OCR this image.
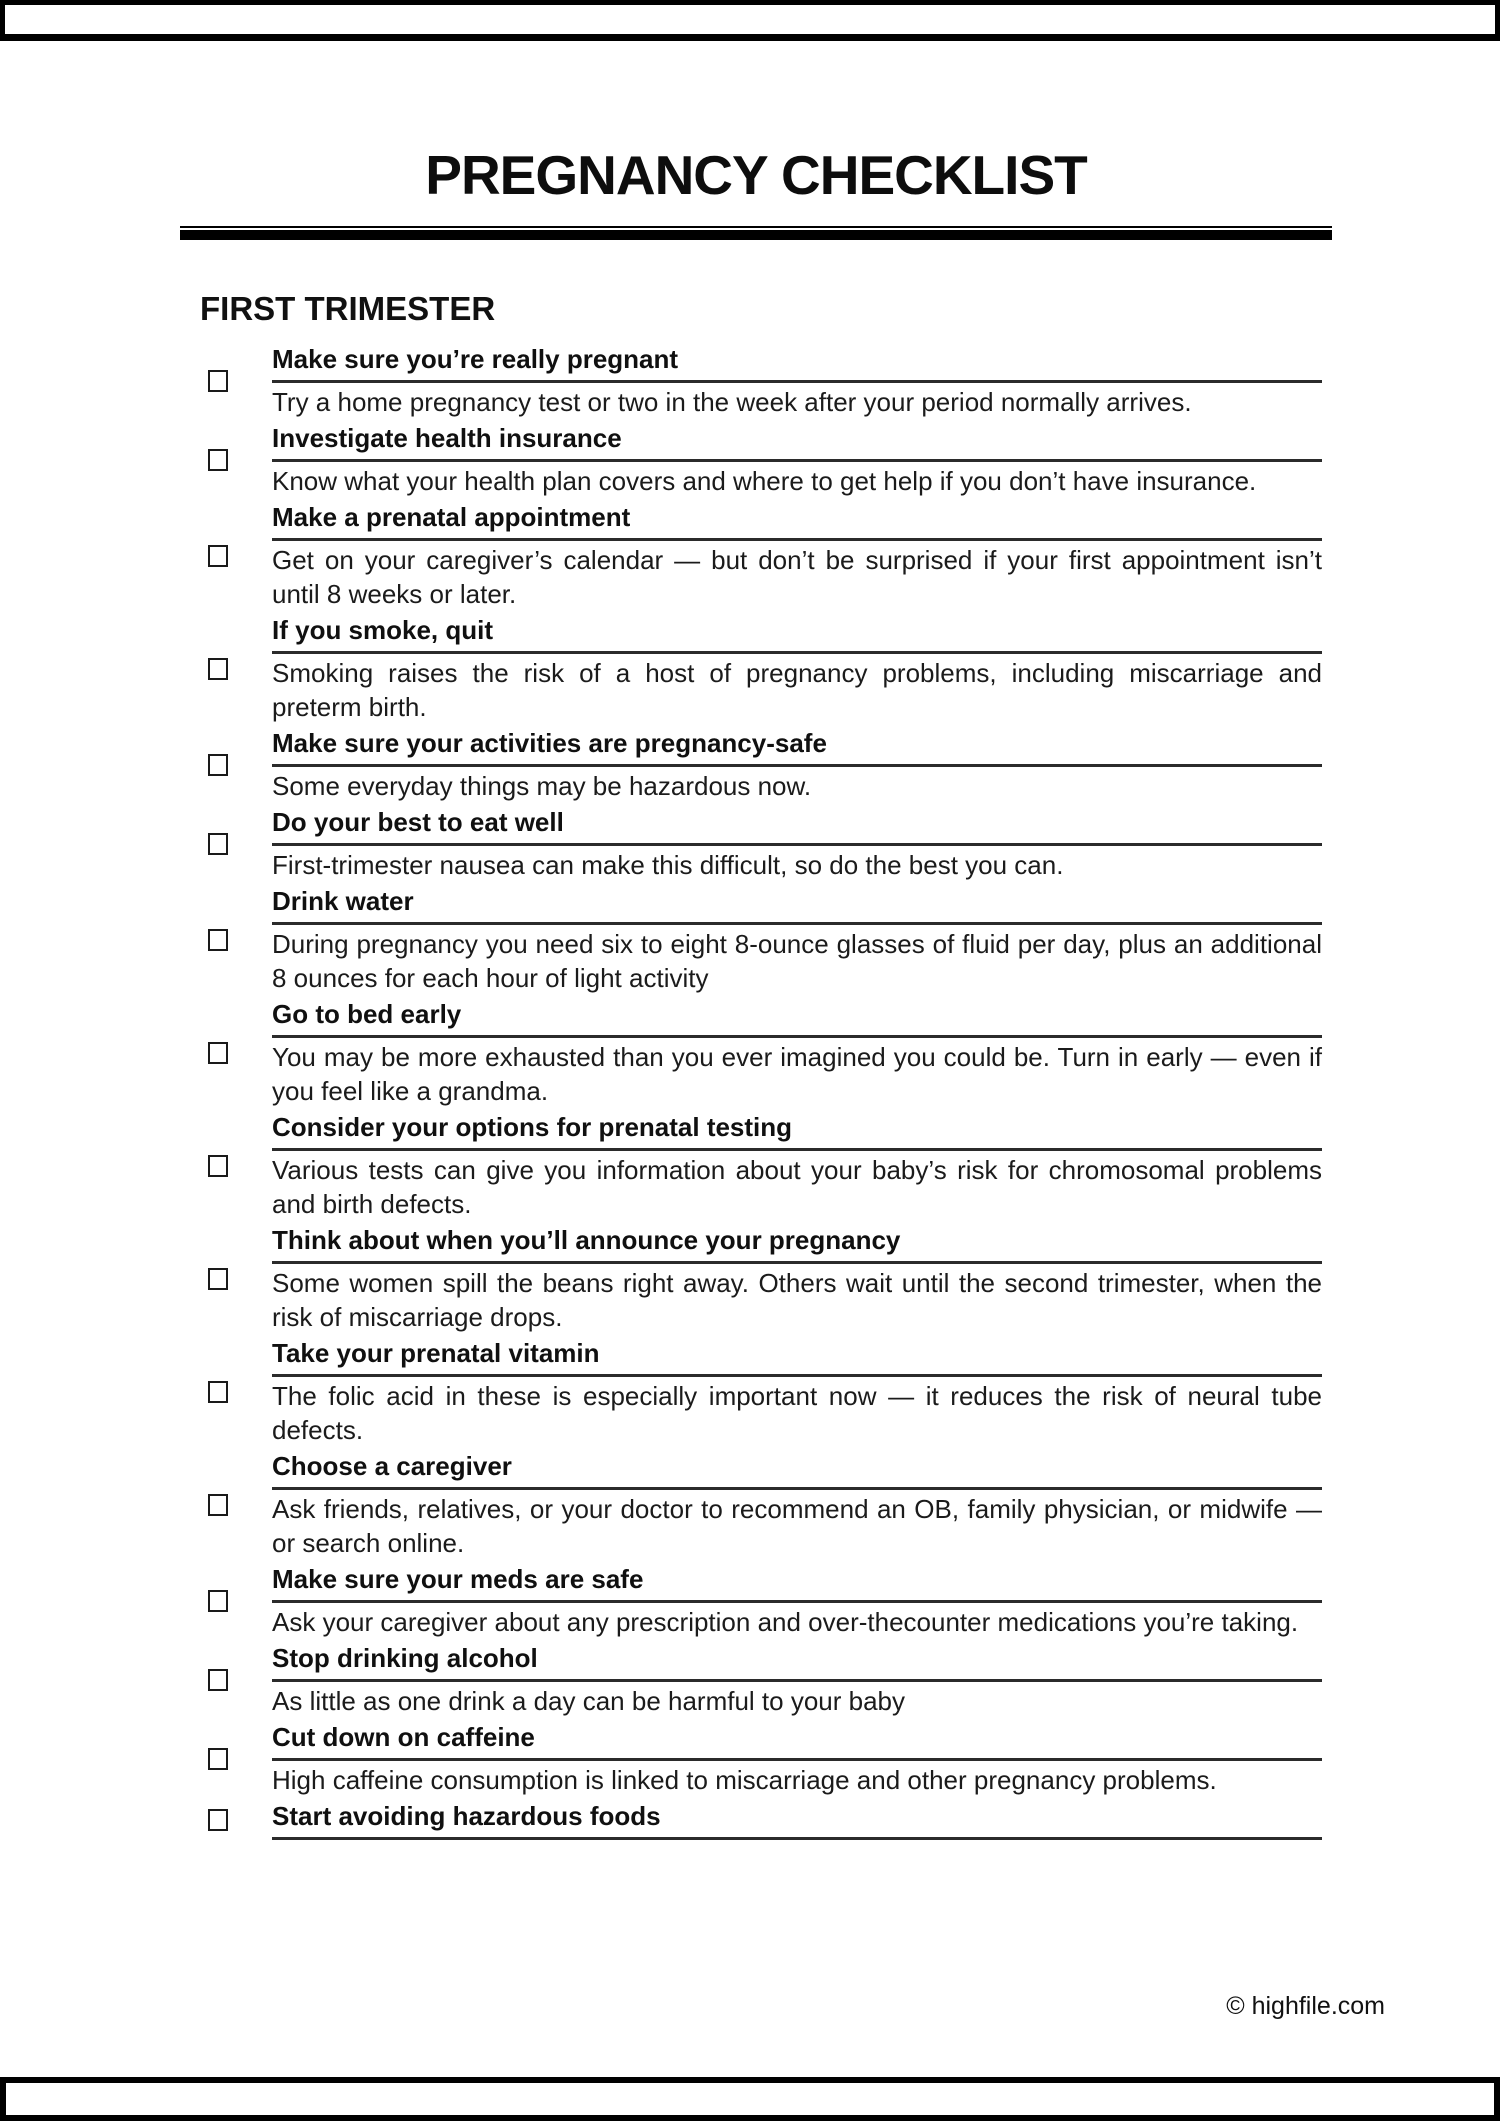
PREGNANCY CHECKLIST
FIRST TRIMESTER
Make sure you’re really pregnant
Try a home pregnancy test or two in the week after your period normally arrives.
Investigate health insurance
Know what your health plan covers and where to get help if you don’t have insurance.
Make a prenatal appointment
Get on your caregiver’s calendar — but don’t be surprised if your first appointment isn’t until 8 weeks or later.
If you smoke, quit
Smoking raises the risk of a host of pregnancy problems, including miscarriage and preterm birth.
Make sure your activities are pregnancy-safe
Some everyday things may be hazardous now.
Do your best to eat well
First-trimester nausea can make this difficult, so do the best you can.
Drink water
During pregnancy you need six to eight 8-ounce glasses of fluid per day, plus an additional 8 ounces for each hour of light activity
Go to bed early
You may be more exhausted than you ever imagined you could be. Turn in early — even if you feel like a grandma.
Consider your options for prenatal testing
Various tests can give you information about your baby’s risk for chromosomal problems and birth defects.
Think about when you’ll announce your pregnancy
Some women spill the beans right away. Others wait until the second trimester, when the risk of miscarriage drops.
Take your prenatal vitamin
The folic acid in these is especially important now — it reduces the risk of neural tube defects.
Choose a caregiver
Ask friends, relatives, or your doctor to recommend an OB, family physician, or midwife — or search online.
Make sure your meds are safe
Ask your caregiver about any prescription and over-thecounter medications you’re taking.
Stop drinking alcohol
As little as one drink a day can be harmful to your baby
Cut down on caffeine
High caffeine consumption is linked to miscarriage and other pregnancy problems.
Start avoiding hazardous foods
© highfile.com
